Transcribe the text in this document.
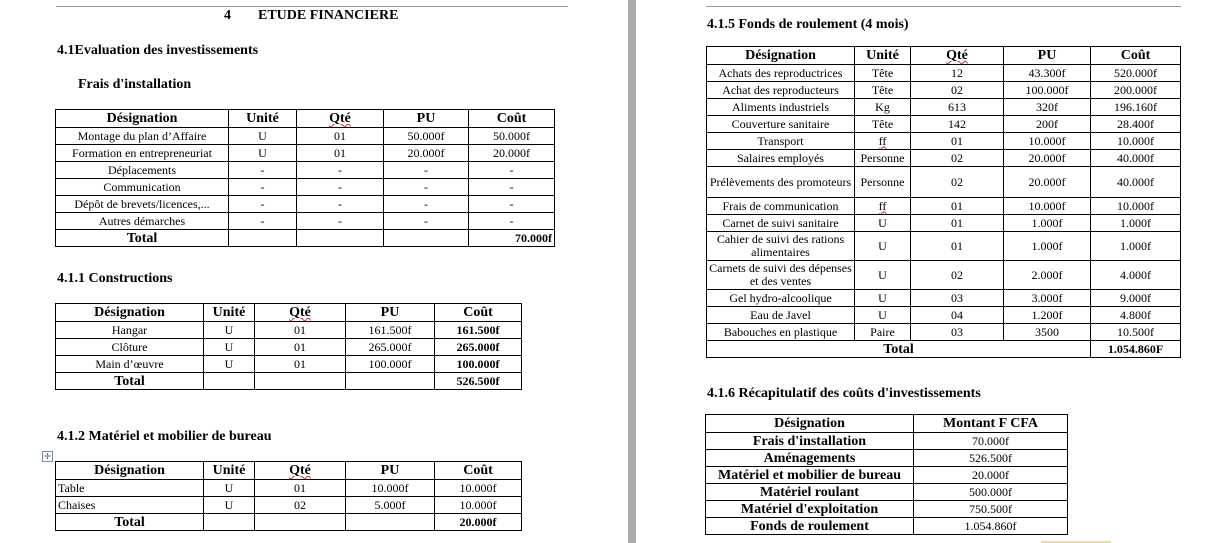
4 ETUDE FINANCIERE
4.1Evaluation des investissements
Frais d'installation
Désignation	Unité	Qté	PU	Coût
Montage du plan d’Affaire	U	01	50.000f	50.000f
Formation en entrepreneuriat	U	01	20.000f	20.000f
Déplacements	-	-	-	-
Communication	-	-	-	-
Dépôt de brevets/licences,...	-	-	-	-
Autres démarches	-	-	-	-
Total				70.000f
4.1.1 Constructions
Désignation	Unité	Qté	PU	Coût
Hangar	U	01	161.500f	161.500f
Clôture	U	01	265.000f	265.000f
Main d’œuvre	U	01	100.000f	100.000f
Total				526.500f
4.1.2 Matériel et mobilier de bureau
✛
Désignation	Unité	Qté	PU	Coût
Table	U	01	10.000f	10.000f
Chaises	U	02	5.000f	10.000f
Total				20.000f
4.1.5 Fonds de roulement (4 mois)
Désignation	Unité	Qté	PU	Coût
Achats des reproductrices	Tête	12	43.300f	520.000f
Achat des reproducteurs	Tête	02	100.000f	200.000f
Aliments industriels	Kg	613	320f	196.160f
Couverture sanitaire	Tête	142	200f	28.400f
Transport	ff	01	10.000f	10.000f
Salaires employés	Personne	02	20.000f	40.000f
Prélèvements des promoteurs	Personne	02	20.000f	40.000f
Frais de communication	ff	01	10.000f	10.000f
Carnet de suivi sanitaire	U	01	1.000f	1.000f
Cahier de suivi des rations alimentaires	U	01	1.000f	1.000f
Carnets de suivi des dépenses et des ventes	U	02	2.000f	4.000f
Gel hydro-alcoolique	U	03	3.000f	9.000f
Eau de Javel	U	04	1.200f	4.800f
Babouches en plastique	Paire	03	3500	10.500f
Total				1.054.860F
4.1.6 Récapitulatif des coûts d'investissements
Désignation	Montant F CFA
Frais d'installation	70.000f
Aménagements	526.500f
Matériel et mobilier de bureau	20.000f
Matériel roulant	500.000f
Matériel d'exploitation	750.500f
Fonds de roulement	1.054.860f
